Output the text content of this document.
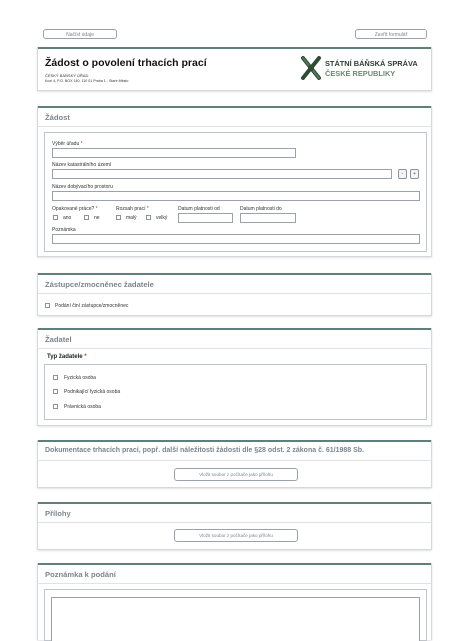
Načíst údaje	Zavřít formulář
Žádost o povolení trhacích prací
ČESKÝ BÁŇSKÝ ÚŘAD
Kozí 4, P.O. BOX 140, 110 01 Praha 1 - Staré Město
STÁTNÍ BÁŇSKÁ SPRÁVA
ČESKÉ REPUBLIKY
Žádost
Výběr úřadu *
Název katastrálního území
-	+
Název dobývacího prostoru
Opakované práce? *
ano	ne
Rozsah prací *
malý	velký
Datum platnosti od	Datum platnosti do
Poznámka
Zástupce/zmocněnec žadatele
Podání činí zástupce/zmocněnec
Žadatel
Typ žadatele *
Fyzická osoba
Podnikající fyzická osoba
Právnická osoba
Dokumentace trhacích prací, popř. další náležitosti žádosti dle §28 odst. 2 zákona č. 61/1988 Sb.
Vložit soubor z počítače jako přílohu
Přílohy
Vložit soubor z počítače jako přílohu
Poznámka k podání
